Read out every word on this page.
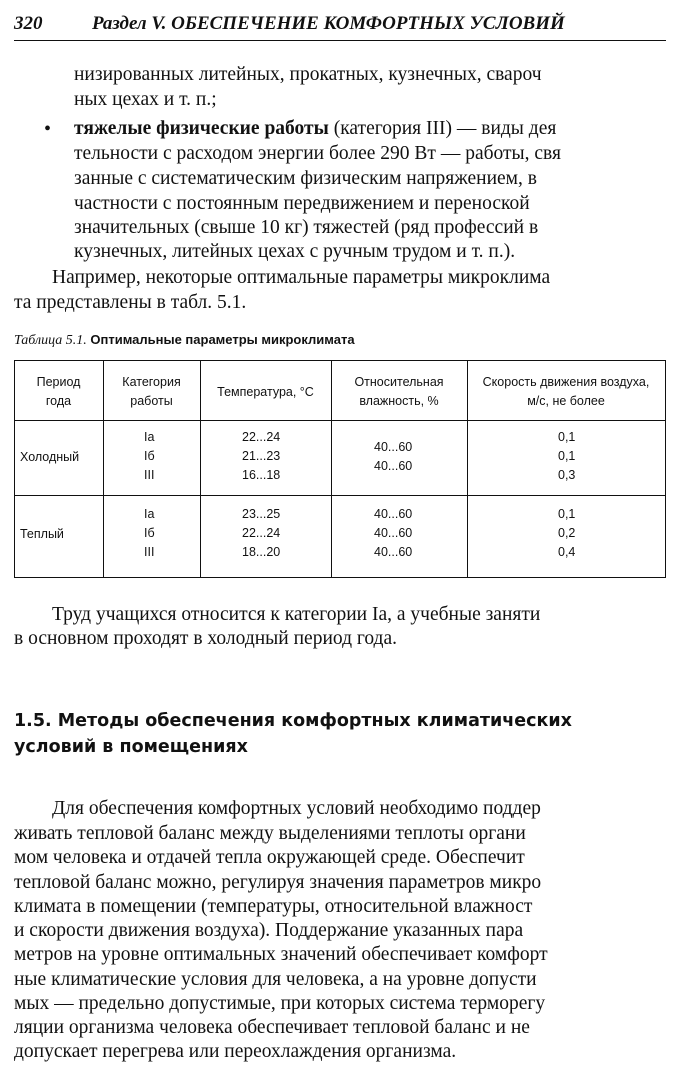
320	Раздел V. ОБЕСПЕЧЕНИЕ КОМФОРТНЫХ УСЛОВИЙ
низированных литейных, прокатных, кузнечных, свароч
ных цехах и т. п.;
• тяжелые физические работы (категория III) — виды дея
тельности с расходом энергии более 290 Вт — работы, свя
занные с систематическим физическим напряжением, в
частности с постоянным передвижением и переноской
значительных (свыше 10 кг) тяжестей (ряд профессий в
кузнечных, литейных цехах с ручным трудом и т. п.).
Например, некоторые оптимальные параметры микроклима
та представлены в табл. 5.1.
Таблица 5.1. Оптимальные параметры микроклимата
Период
года
Категория
работы
Температура, °С
Относительная
влажность, %
Скорость движения воздуха,
м/с, не более
Холодный
Iа
Iб
III
22...24
21...23
16...18
40...60
40...60
0,1
0,1
0,3
Теплый
Iа
Iб
III
23...25
22...24
18...20
40...60
40...60
40...60
0,1
0,2
0,4
Труд учащихся относится к категории Iа, а учебные заняти
в основном проходят в холодный период года.
1.5. Методы обеспечения комфортных климатических
условий в помещениях
Для обеспечения комфортных условий необходимо поддер
живать тепловой баланс между выделениями теплоты органи
мом человека и отдачей тепла окружающей среде. Обеспечит
тепловой баланс можно, регулируя значения параметров микро
климата в помещении (температуры, относительной влажност
и скорости движения воздуха). Поддержание указанных пара
метров на уровне оптимальных значений обеспечивает комфорт
ные климатические условия для человека, а на уровне допусти
мых — предельно допустимые, при которых система терморегу
ляции организма человека обеспечивает тепловой баланс и не
допускает перегрева или переохлаждения организма.
